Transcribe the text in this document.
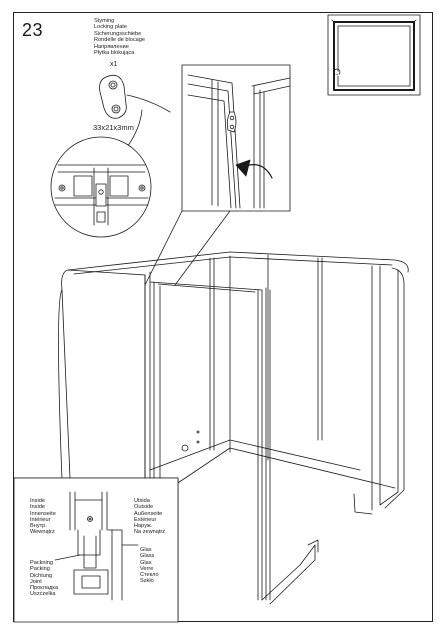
23	Styming
Locking plate
Sicherungsschiebe
Rondelle de blocage
Напрявление
Płytka blokująca
x1
33x21x3mm
B
Inside
Inside
Innenseite
Intérieur
Внутр.
Wewnątrz
Utsida
Outside
Außenseite
Extérieur
Наруж.
Na zewnątrz
Packning
Packing
Dichtung
Joint
Прокладка
Uszczelka
Glas
Glass
Glas
Verre
Стекло
Szkło
